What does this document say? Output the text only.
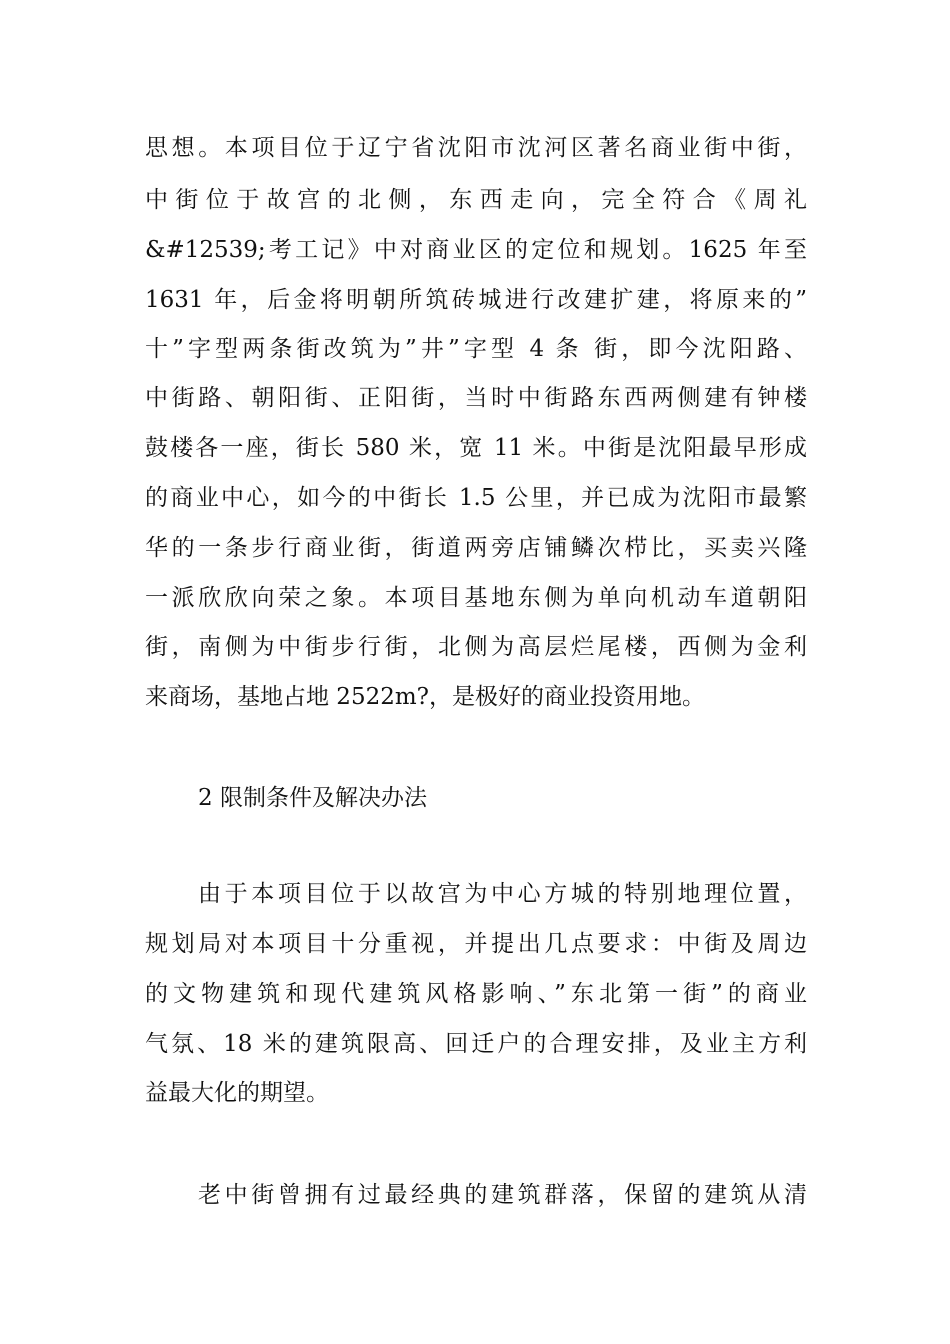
思想。本项目位于辽宁省沈阳市沈河区著名商业街中街，
中街位于故宫的北侧，东西走向，完全符合《周礼
&#12539;考工记》中对商业区的定位和规划。1625 年至
1631 年，后金将明朝所筑砖城进行改建扩建，将原来的”
十”字型两条街改筑为”井”字型 4 条 街，即今沈阳路、
中街路、朝阳街、正阳街，当时中街路东西两侧建有钟楼
鼓楼各一座，街长 580 米，宽 11 米。中街是沈阳最早形成
的商业中心，如今的中街长 1.5 公里，并已成为沈阳市最繁
华的一条步行商业街，街道两旁店铺鳞次栉比，买卖兴隆
一派欣欣向荣之象。本项目基地东侧为单向机动车道朝阳
街，南侧为中街步行街，北侧为高层烂尾楼，西侧为金利
来商场，基地占地 2522m?，是极好的商业投资用地。
2 限制条件及解决办法
由于本项目位于以故宫为中心方城的特别地理位置，
规划局对本项目十分重视，并提出几点要求：中街及周边
的文物建筑和现代建筑风格影响、”东北第一街”的商业
气氛、18 米的建筑限高、回迁户的合理安排，及业主方利
益最大化的期望。
老中街曾拥有过最经典的建筑群落，保留的建筑从清
